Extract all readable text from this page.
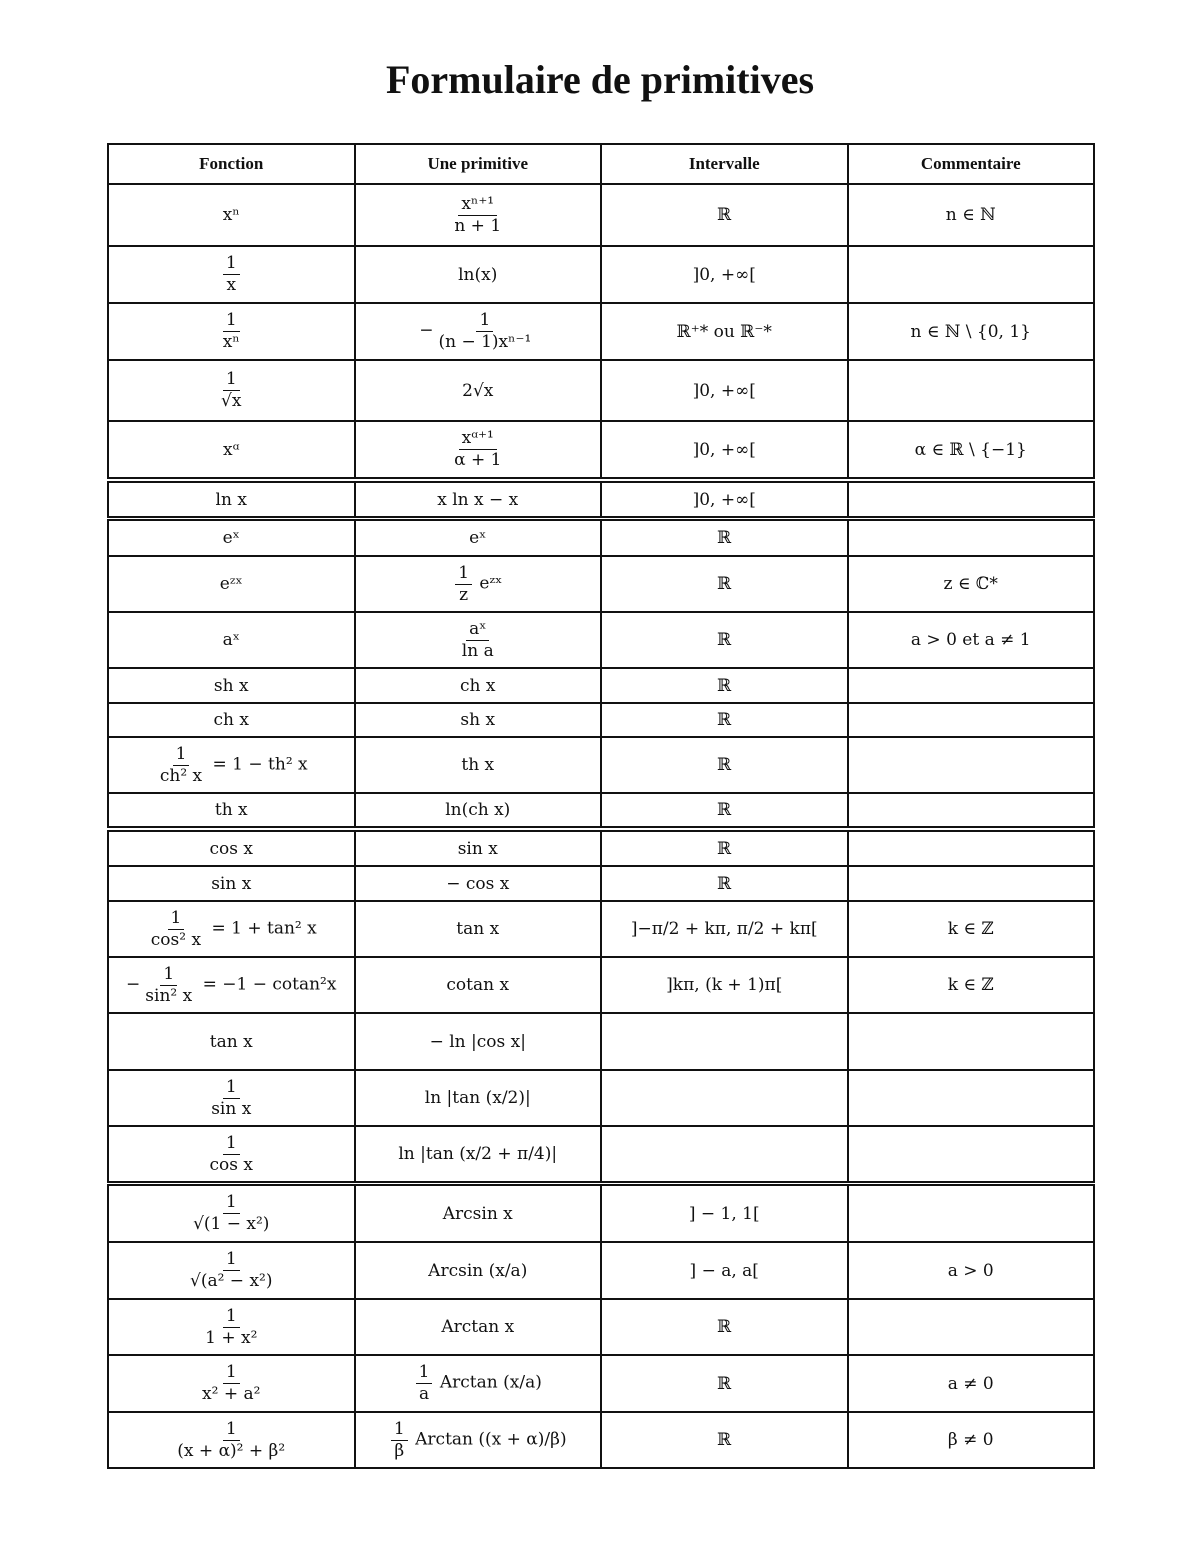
Formulaire de primitives
Fonction	Une primitive	Intervalle	Commentaire
xⁿ	$\frac{\text{xⁿ⁺¹}}{n + 1}$	ℝ	n ∈ ℕ

$\frac{1}{x}$	ln(x)	]0, +∞[	

$\frac{1}{\text{xⁿ}}$	− $\frac{1}{\text{(n − 1)xⁿ⁻¹}}$	ℝ⁺* ou ℝ⁻*	n ∈ ℕ \ {0, 1}

$\frac{1}{√x}$	2√x	]0, +∞[	
xᵅ	$\frac{\text{xᵅ⁺¹}}{\alpha + 1}$	]0, +∞[	α ∈ ℝ \ {−1}
ln x	x ln x − x	]0, +∞[	
eˣ	eˣ	ℝ	
eᶻˣ	$\frac{1}{z}$ eᶻˣ	ℝ	z ∈ ℂ*
aˣ	$\frac{\text{aˣ}}{\text{ln a}}$	ℝ	a > 0 et a ≠ 1
sh x	ch x	ℝ	
ch x	sh x	ℝ	

$\frac{1}{\text{ch² x}} = 1 - th^2$ x	th x	ℝ	
th x	ln(ch x)	ℝ	
cos x	sin x	ℝ	
sin x	− cos x	ℝ	

$\frac{1}{\text{cos² x}} = 1 + \tan^2$ x	tan x	]−π/2 + kπ, π/2 + kπ[	k ∈ ℤ
− $\frac{1}{\text{sin² x}} = -1 - cotan^2x$	cotan x	]kπ, (k + 1)π[	k ∈ ℤ
tan x	− ln |cos x|		

$\frac{1}{\text{sin x}}$	ln |tan (x/2)|		

$\frac{1}{\text{cos x}}$	ln |tan (x/2 + π/4)|		
$\frac{1}{\text{√(1 − x²)}}$	Arcsin x	] − 1, 1[	

$\frac{1}{\text{√(a² − x²)}}$	Arcsin (x/a)	] − a, a[	a > 0

$\frac{1}{\text{1 + x²}}$	Arctan x	ℝ	

$\frac{1}{\text{x² + a²}}$	$\frac{1}{a}$ Arctan (x/a)	ℝ	a ≠ 0

$\frac{1}{\text{(x + α)² + β²}}$	$\frac{1}{\beta}$ Arctan ((x + α)/β)	ℝ	β ≠ 0
